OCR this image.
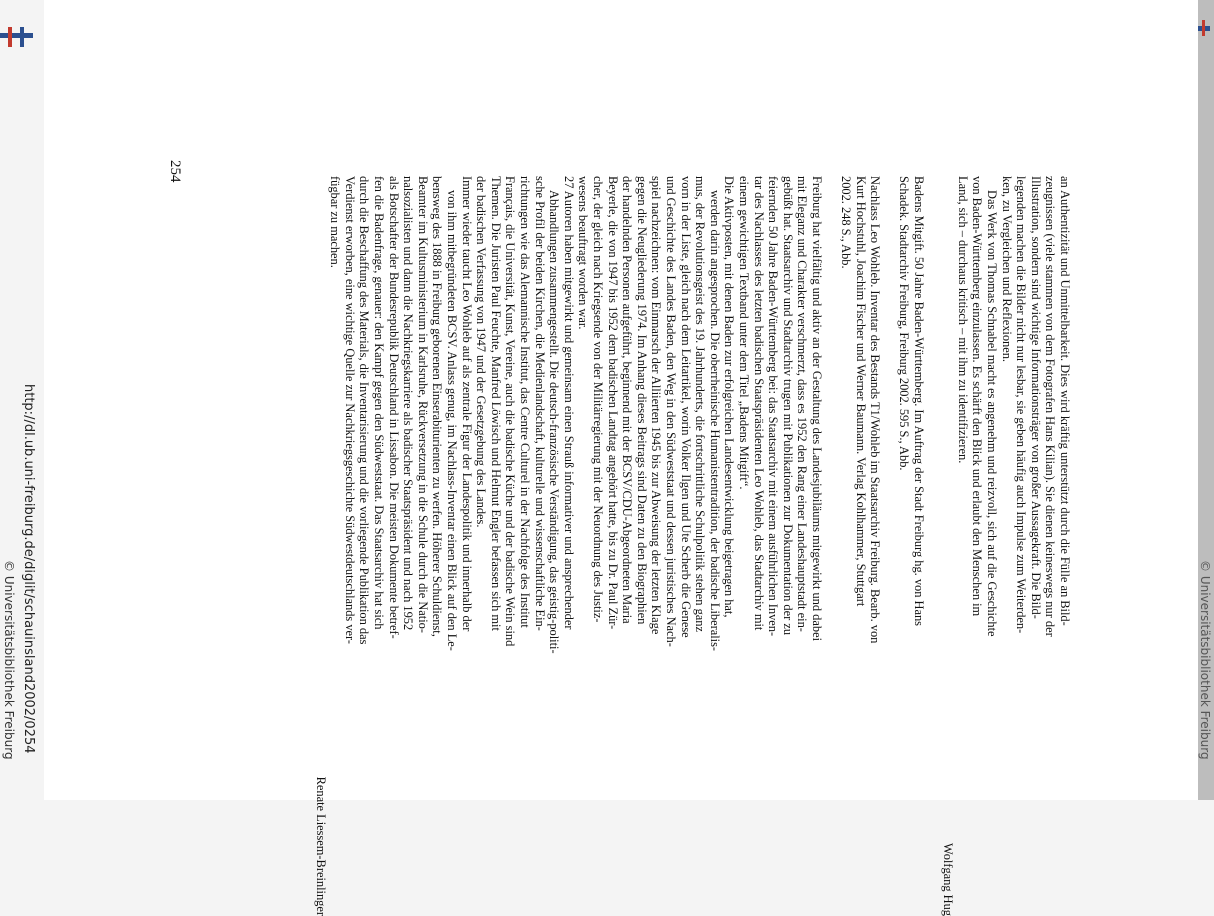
http://dl.ub.uni-freiburg.de/diglit/schauinsland2002/0254
© Universitätsbibliothek Freiburg	© Universitätsbibliothek Freiburg
254
an Authentizität und Unmittelbarkeit. Dies wird kräftig unterstützt durch die Fülle an Bild-
zeugnissen (viele stammen von dem Fotografen Hans Kilian). Sie dienen keineswegs nur der
Illustration, sondern sind wichtige Informationsträger von großer Aussagekraft. Die Bild-
legenden machen die Bilder nicht nur lesbar, sie geben häufig auch Impulse zum Weiterden-
ken, zu Vergleichen und Reflexionen.
Das Werk von Thomas Schnabel macht es angenehm und reizvoll, sich auf die Geschichte
von Baden-Württemberg einzulassen. Es schärft den Blick und erlaubt den Menschen im
Land, sich – durchaus kritisch – mit ihm zu identifizieren.
Wolfgang Hug
Badens Mitgift. 50 Jahre Baden-Württemberg. Im Auftrag der Stadt Freiburg hg. von Hans
Schadek. Stadtarchiv Freiburg, Freiburg 2002. 595 S., Abb.
Nachlass Leo Wohleb. Inventar des Bestands T1/Wohleb im Staatsarchiv Freiburg. Bearb. von
Kurt Hochstuhl, Joachim Fischer und Werner Baumann. Verlag Kohlhammer, Stuttgart
2002. 248 S., Abb.
Freiburg hat vielfältig und aktiv an der Gestaltung des Landesjubiläums mitgewirkt und dabei
mit Eleganz und Charakter verschmerzt, dass es 1952 den Rang einer Landeshauptstadt ein-
gebüßt hat. Staatsarchiv und Stadtarchiv trugen mit Publikationen zur Dokumentation der zu
feiernden 50 Jahre Baden-Württemberg bei: das Staatsarchiv mit einem ausführlichen Inven-
tar des Nachlasses des letzten badischen Staatspräsidenten Leo Wohleb, das Stadtarchiv mit
einem gewichtigen Textband unter dem Titel „Badens Mitgift“.
Die Aktivposten, mit denen Baden zur erfolgreichen Landesentwicklung beigetragen hat,
werden darin angesprochen. Die oberrheinische Humanistentradition, der badische Liberalis-
mus, der Revolutionsgeist des 19. Jahrhunderts, die fortschrittliche Schulpolitik stehen ganz
vorn in der Liste, gleich nach dem Leitartikel, worin Volker Ilgen und Ute Scherb die Genese
und Geschichte des Landes Baden, den Weg in den Südweststaat und dessen juristisches Nach-
spiel nachzeichnen: vom Einmarsch der Alliierten 1945 bis zur Abweisung der letzten Klage
gegen die Neugliederung 1974. Im Anhang dieses Beitrags sind Daten zu den Biographien
der handelnden Personen aufgeführt, beginnend mit der BCSV/CDU-Abgeordneten Maria
Beyerle, die von 1947 bis 1952 dem badischen Landtag angehört hatte, bis zu Dr. Paul Zür-
cher, der gleich nach Kriegsende von der Militärregierung mit der Neuordnung des Justiz-
wesens beauftragt worden war.
27 Autoren haben mitgewirkt und gemeinsam einen Strauß informativer und ansprechender
Abhandlungen zusammengestellt. Die deutsch-französische Verständigung, das geistig-politi-
sche Profil der beiden Kirchen, die Medienlandschaft, kulturelle und wissenschaftliche Ein-
richtungen wie das Alemannische Institut, das Centre Culturel in der Nachfolge des Institut
Français, die Universität, Kunst, Vereine, auch die badische Küche und der badische Wein sind
Themen. Die Juristen Paul Feuchte, Manfred Löwisch und Helmut Engler befassen sich mit
der badischen Verfassung von 1947 und der Gesetzgebung des Landes.
Immer wieder taucht Leo Wohleb auf als zentrale Figur der Landespolitik und innerhalb der
von ihm mitbegründeten BCSV. Anlass genug, im Nachlass-Inventar einen Blick auf den Le-
bensweg des 1888 in Freiburg geborenen Einserabiturienten zu werfen. Höherer Schuldienst,
Beamter im Kultusministerium in Karlsruhe, Rückversetzung in die Schule durch die Natio-
nalsozialisten und dann die Nachkriegskarriere als badischer Staatspräsident und nach 1952
als Botschafter der Bundesrepublik Deutschland in Lissabon. Die meisten Dokumente betref-
fen die Badenfrage, genauer: den Kampf gegen den Südweststaat. Das Staatsarchiv hat sich
durch die Beschaffung des Materials, die Inventarisierung und die vorliegende Publikation das
Verdienst erworben, eine wichtige Quelle zur Nachkriegsgeschichte Südwestdeutschlands ver-
fügbar zu machen.
Renate Liessem-Breinlinger
